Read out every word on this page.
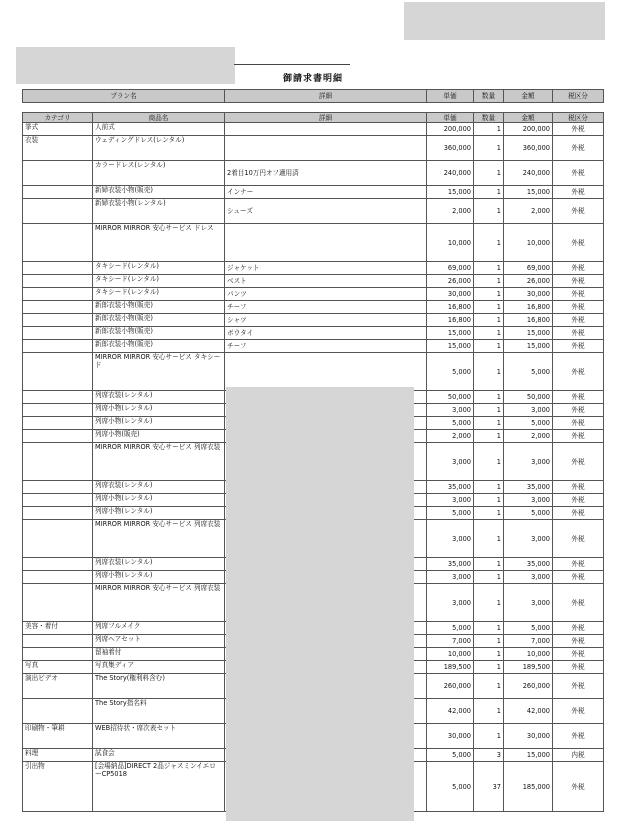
御請求書明細
プラン名	詳細	単価	数量	金額	税区分
カテゴリ	商品名	詳細	単価	数量	金額	税区分
挙式	人前式		200,000	1	200,000	外税
衣装	ウェディングドレス(レンタル)		360,000	1	360,000	外税
	カラードレス(レンタル)	2着目10万円オフ適用済	240,000	1	240,000	外税
	新婦衣装小物(販売)	インナー	15,000	1	15,000	外税
	新婦衣装小物(レンタル)	シューズ	2,000	1	2,000	外税
	MIRROR MIRROR 安心サービス ドレス		10,000	1	10,000	外税
	タキシード(レンタル)	ジャケット	69,000	1	69,000	外税
	タキシード(レンタル)	ベスト	26,000	1	26,000	外税
	タキシード(レンタル)	パンツ	30,000	1	30,000	外税
	新郎衣装小物(販売)	チーフ	16,800	1	16,800	外税
	新郎衣装小物(販売)	シャツ	16,800	1	16,800	外税
	新郎衣装小物(販売)	ボウタイ	15,000	1	15,000	外税
	新郎衣装小物(販売)	チーフ	15,000	1	15,000	外税
	MIRROR MIRROR 安心サービス タキシード		5,000	1	5,000	外税
	列席衣装(レンタル)		50,000	1	50,000	外税
	列席小物(レンタル)		3,000	1	3,000	外税
	列席小物(レンタル)		5,000	1	5,000	外税
	列席小物(販売)		2,000	1	2,000	外税
	MIRROR MIRROR 安心サービス 列席衣装		3,000	1	3,000	外税
	列席衣装(レンタル)		35,000	1	35,000	外税
	列席小物(レンタル)		3,000	1	3,000	外税
	列席小物(レンタル)		5,000	1	5,000	外税
	MIRROR MIRROR 安心サービス 列席衣装		3,000	1	3,000	外税
	列席衣装(レンタル)		35,000	1	35,000	外税
	列席小物(レンタル)		3,000	1	3,000	外税
	MIRROR MIRROR 安心サービス 列席衣装		3,000	1	3,000	外税
美容・着付	列席フルメイク		5,000	1	5,000	外税
	列席ヘアセット		7,000	1	7,000	外税
	留袖着付		10,000	1	10,000	外税
写真	写真集ディア		189,500	1	189,500	外税
演出ビデオ	The Story(権利料含む)		260,000	1	260,000	外税
	The Story指名料		42,000	1	42,000	外税
印刷物・筆耕	WEB招待状・席次表セット		30,000	1	30,000	外税
料理	試食会		5,000	3	15,000	内税
引出物	[会場納品]DIRECT 2品ジャスミンイエローCP5018		5,000	37	185,000	外税
